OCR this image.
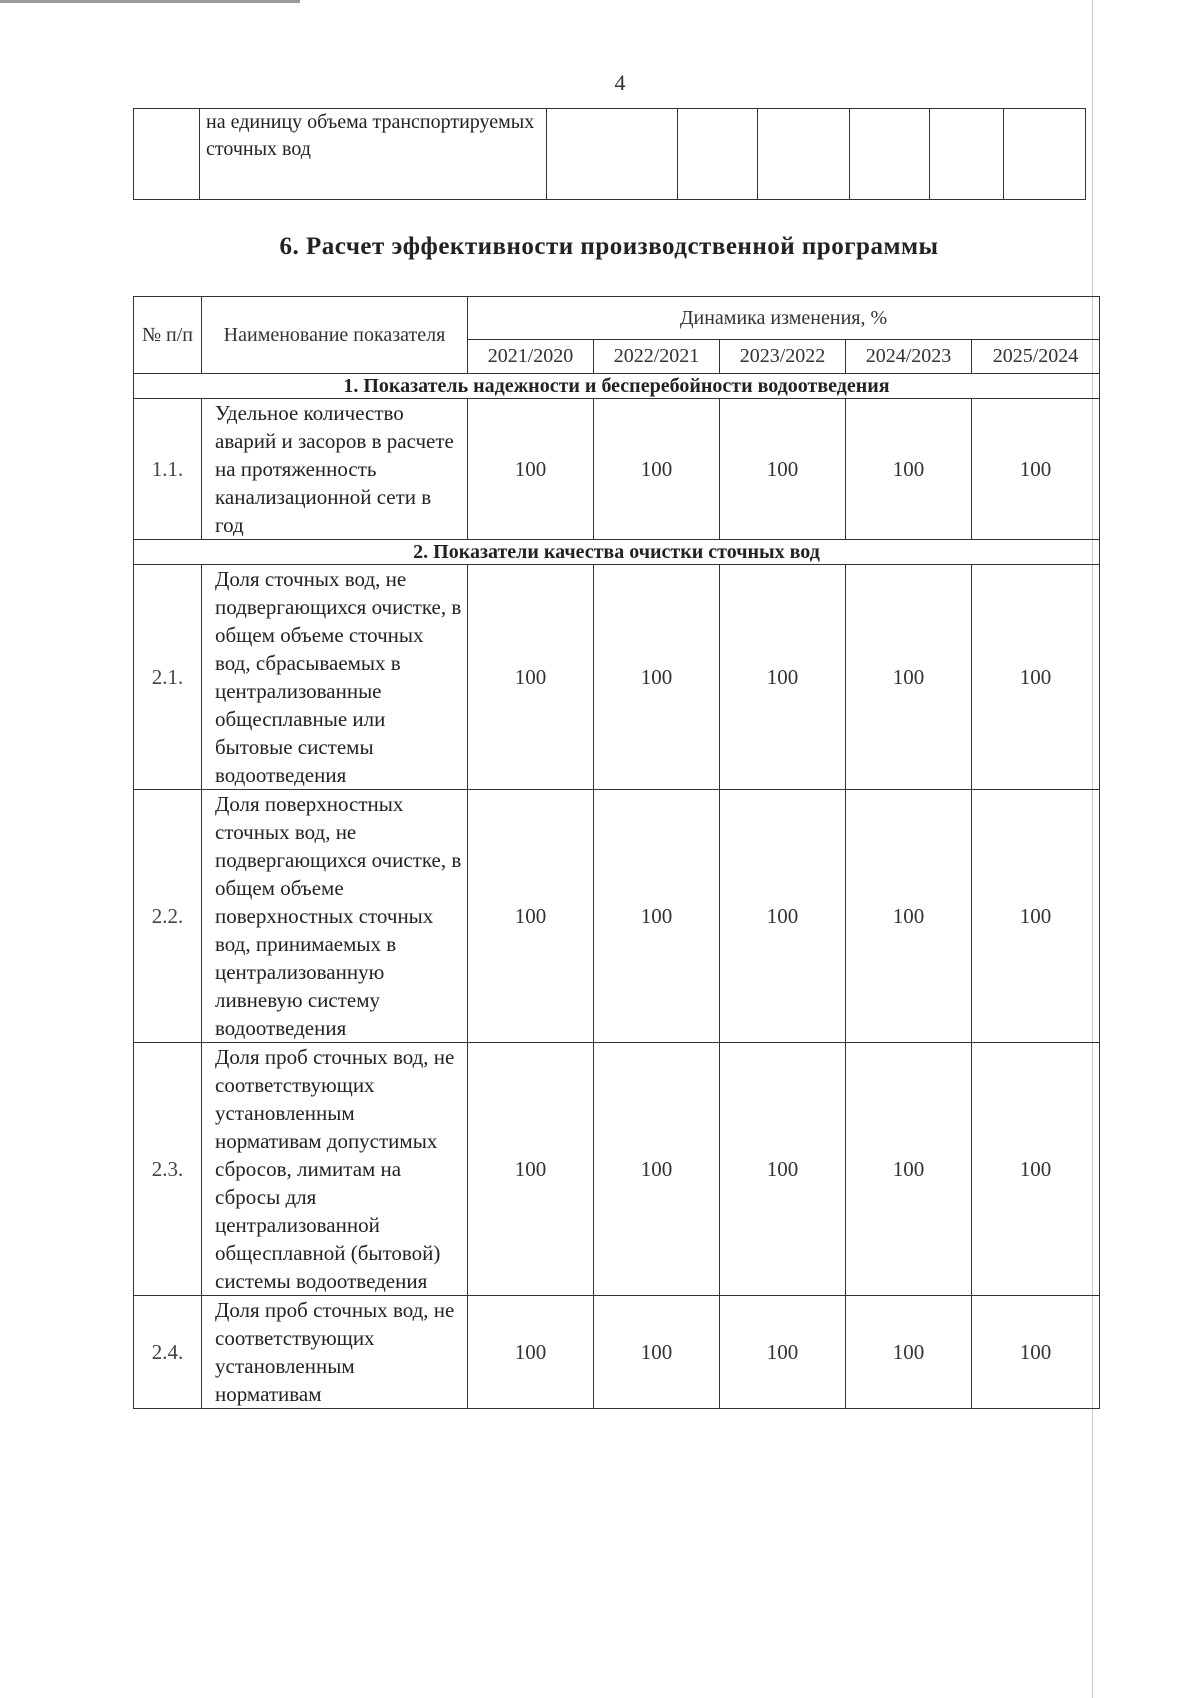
4
	на единицу объема транспортируемых сточных вод						
6. Расчет эффективности производственной программы
№ п/п	Наименование показателя	Динамика изменения, %				
		2021/2020	2022/2021	2023/2022	2024/2023	2025/2024
1. Показатель надежности и бесперебойности водоотведения						
1.1.	Удельное количество аварий и засоров в расчете на протяженность канализационной сети в год	100	100	100	100	100
2. Показатели качества очистки сточных вод						
2.1.	Доля сточных вод, не подвергающихся очистке, в общем объеме сточных вод, сбрасываемых в централизованные общесплавные или бытовые системы водоотведения	100	100	100	100	100
2.2.	Доля поверхностных сточных вод, не подвергающихся очистке, в общем объеме поверхностных сточных вод, принимаемых в централизованную ливневую систему водоотведения	100	100	100	100	100
2.3.	Доля проб сточных вод, не соответствующих установленным нормативам допустимых сбросов, лимитам на сбросы для централизованной общесплавной (бытовой) системы водоотведения	100	100	100	100	100
2.4.	Доля проб сточных вод, не соответствующих установленным нормативам	100	100	100	100	100
